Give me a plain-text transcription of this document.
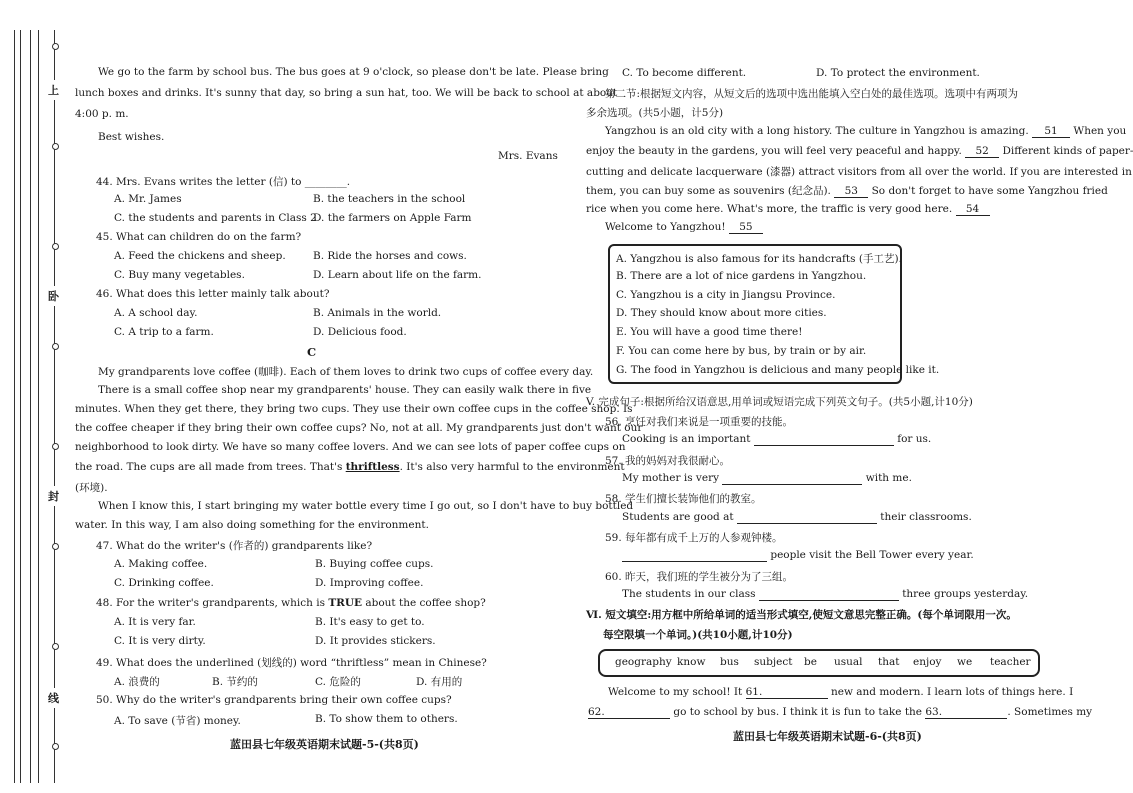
上
卧
封
线
We go to the farm by school bus. The bus goes at 9 o'clock, so please don't be late. Please bring
lunch boxes and drinks. It's sunny that day, so bring a sun hat, too. We will be back to school at about
4:00 p. m.
Best wishes.
Mrs. Evans
44. Mrs. Evans writes the letter (信) to ________.
A. Mr. James	B. the teachers in the school
C. the students and parents in Class 2
D. the farmers on Apple Farm
45. What can children do on the farm?
A. Feed the chickens and sheep.	B. Ride the horses and cows.
C. Buy many vegetables.	D. Learn about life on the farm.
46. What does this letter mainly talk about?
A. A school day.	B. Animals in the world.
C. A trip to a farm.	D. Delicious food.
C
My grandparents love coffee (咖啡). Each of them loves to drink two cups of coffee every day.
There is a small coffee shop near my grandparents' house. They can easily walk there in five
minutes. When they get there, they bring two cups. They use their own coffee cups in the coffee shop. Is
the coffee cheaper if they bring their own coffee cups? No, not at all. My grandparents just don't want our
neighborhood to look dirty. We have so many coffee lovers. And we can see lots of paper coffee cups on
the road. The cups are all made from trees. That's thriftless. It's also very harmful to the environment
(环境).
When I know this, I start bringing my water bottle every time I go out, so I don't have to buy bottled
water. In this way, I am also doing something for the environment.
47. What do the writer's (作者的) grandparents like?
A. Making coffee.	B. Buying coffee cups.
C. Drinking coffee.	D. Improving coffee.
48. For the writer's grandparents, which is TRUE about the coffee shop?
A. It is very far.	B. It's easy to get to.
C. It is very dirty.	D. It provides stickers.
49. What does the underlined (划线的) word “thriftless” mean in Chinese?
A. 浪费的	B. 节约的	C. 危险的	D. 有用的
50. Why do the writer's grandparents bring their own coffee cups?
A. To save (节省) money.	B. To show them to others.
蓝田县七年级英语期末试题-5-(共8页)
C. To become different.	D. To protect the environment.
第二节:根据短文内容，从短文后的选项中选出能填入空白处的最佳选项。选项中有两项为
多余选项。(共5小题，计5分)
Yangzhou is an old city with a long history. The culture in Yangzhou is amazing. 51 When you
enjoy the beauty in the gardens, you will feel very peaceful and happy. 52 Different kinds of paper-
cutting and delicate lacquerware (漆器) attract visitors from all over the world. If you are interested in
them, you can buy some as souvenirs (纪念品). 53 So don't forget to have some Yangzhou fried
rice when you come here. What's more, the traffic is very good here. 54
Welcome to Yangzhou! 55
A. Yangzhou is also famous for its handcrafts (手工艺).
B. There are a lot of nice gardens in Yangzhou.
C. Yangzhou is a city in Jiangsu Province.
D. They should know about more cities.
E. You will have a good time there!
F. You can come here by bus, by train or by air.
G. The food in Yangzhou is delicious and many people like it.
V. 完成句子:根据所给汉语意思,用单词或短语完成下列英文句子。(共5小题,计10分)
56. 烹饪对我们来说是一项重要的技能。
Cooking is an important	for us.
57. 我的妈妈对我很耐心。
My mother is very	with me.
58. 学生们擅长装饰他们的教室。
Students are good at	their classrooms.
59. 每年都有成千上万的人参观钟楼。
people visit the Bell Tower every year.
60. 昨天，我们班的学生被分为了三组。
The students in our class	three groups yesterday.
Ⅵ. 短文填空:用方框中所给单词的适当形式填空,使短文意思完整正确。(每个单词限用一次。
每空限填一个单词。)(共10小题,计10分)
geography know bus subject be usual that enjoy we teacher
Welcome to my school! It 61.	new and modern. I learn lots of things here. I
62.	go to school by bus. I think it is fun to take the 63.	. Sometimes my
蓝田县七年级英语期末试题-6-(共8页)
